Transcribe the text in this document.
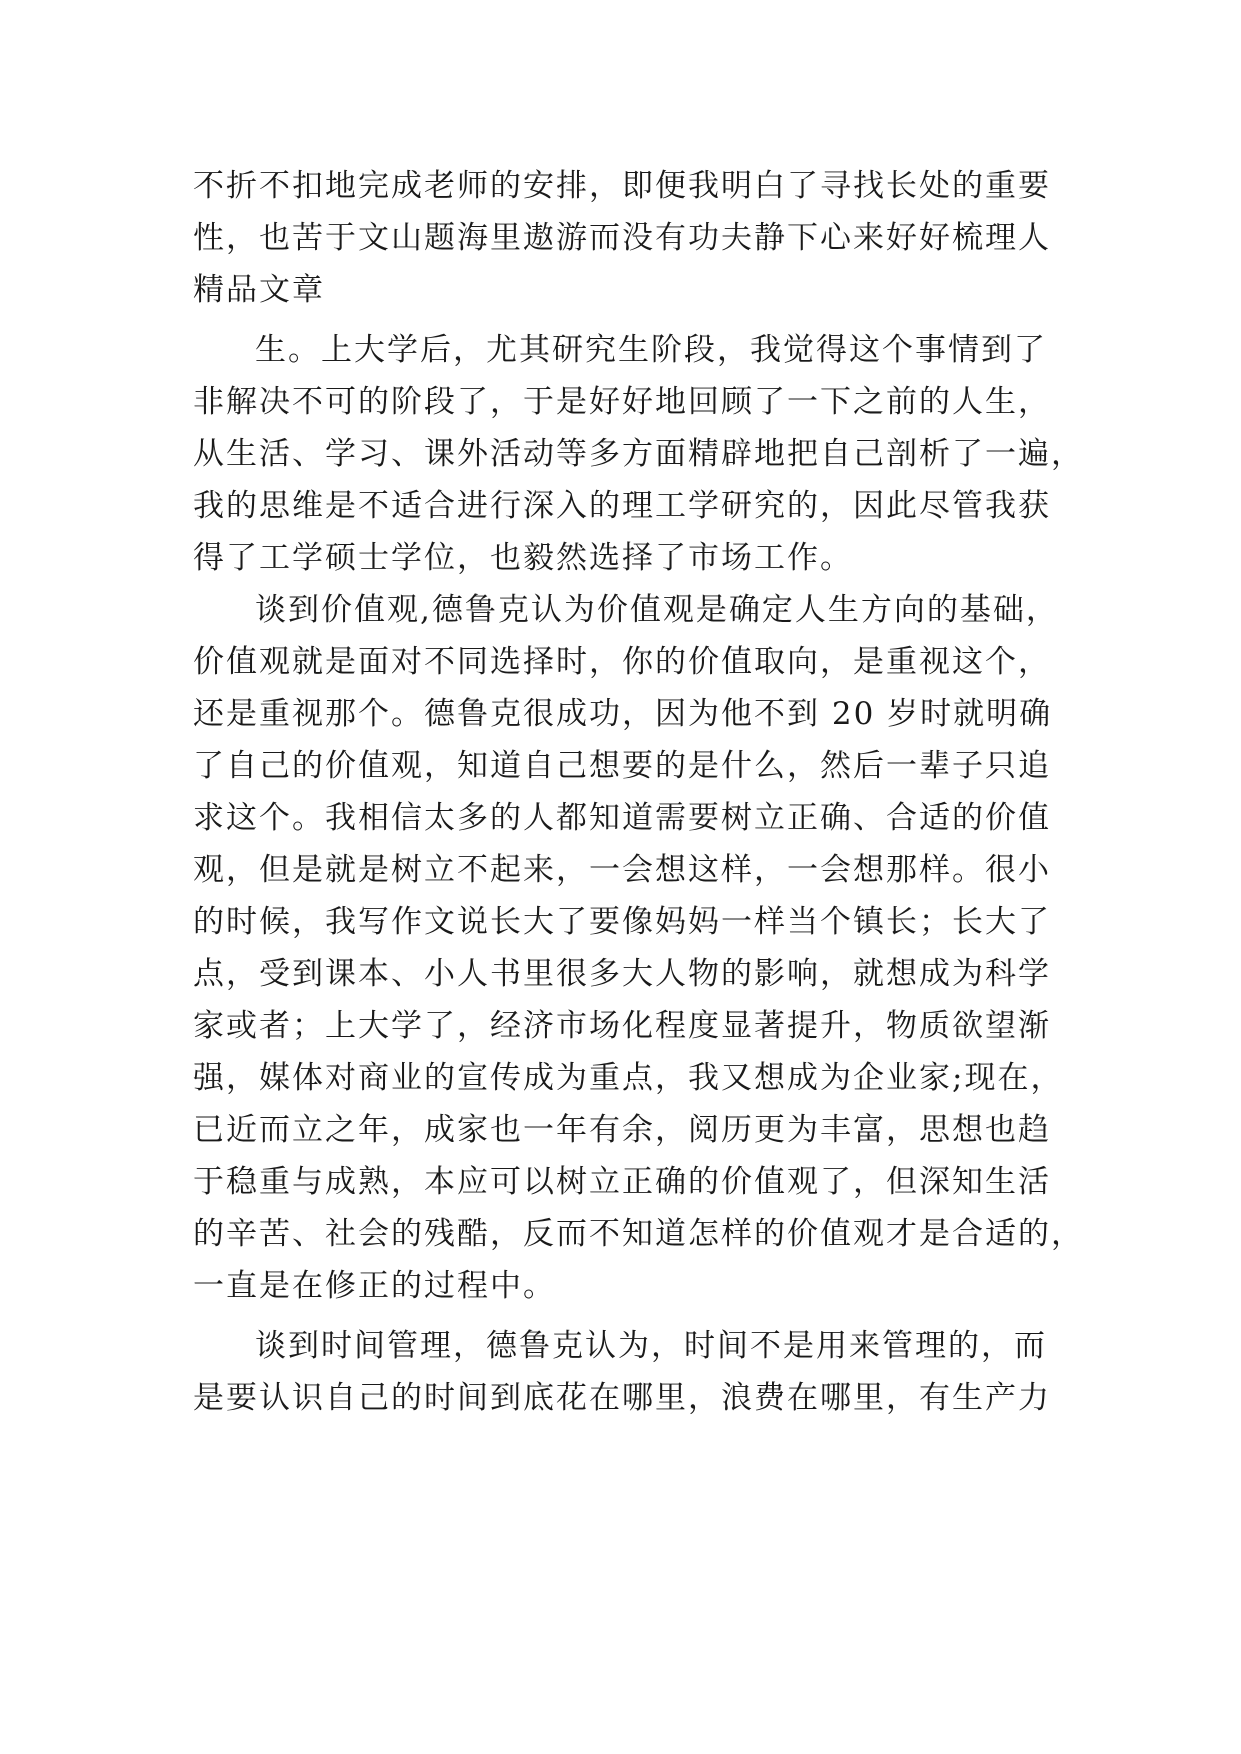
不折不扣地完成老师的安排，即便我明白了寻找长处的重要
性，也苦于文山题海里遨游而没有功夫静下心来好好梳理人
精品文章
生。上大学后，尤其研究生阶段，我觉得这个事情到了
非解决不可的阶段了，于是好好地回顾了一下之前的人生，
从生活、学习、课外活动等多方面精辟地把自己剖析了一遍，
我的思维是不适合进行深入的理工学研究的，因此尽管我获
得了工学硕士学位，也毅然选择了市场工作。
谈到价值观,德鲁克认为价值观是确定人生方向的基础，
价值观就是面对不同选择时，你的价值取向，是重视这个，
还是重视那个。德鲁克很成功，因为他不到 20 岁时就明确
了自己的价值观，知道自己想要的是什么，然后一辈子只追
求这个。我相信太多的人都知道需要树立正确、合适的价值
观，但是就是树立不起来，一会想这样，一会想那样。很小
的时候，我写作文说长大了要像妈妈一样当个镇长；长大了
点，受到课本、小人书里很多大人物的影响，就想成为科学
家或者；上大学了，经济市场化程度显著提升，物质欲望渐
强，媒体对商业的宣传成为重点，我又想成为企业家;现在，
已近而立之年，成家也一年有余，阅历更为丰富，思想也趋
于稳重与成熟，本应可以树立正确的价值观了，但深知生活
的辛苦、社会的残酷，反而不知道怎样的价值观才是合适的，
一直是在修正的过程中。
谈到时间管理，德鲁克认为，时间不是用来管理的，而
是要认识自己的时间到底花在哪里，浪费在哪里，有生产力
